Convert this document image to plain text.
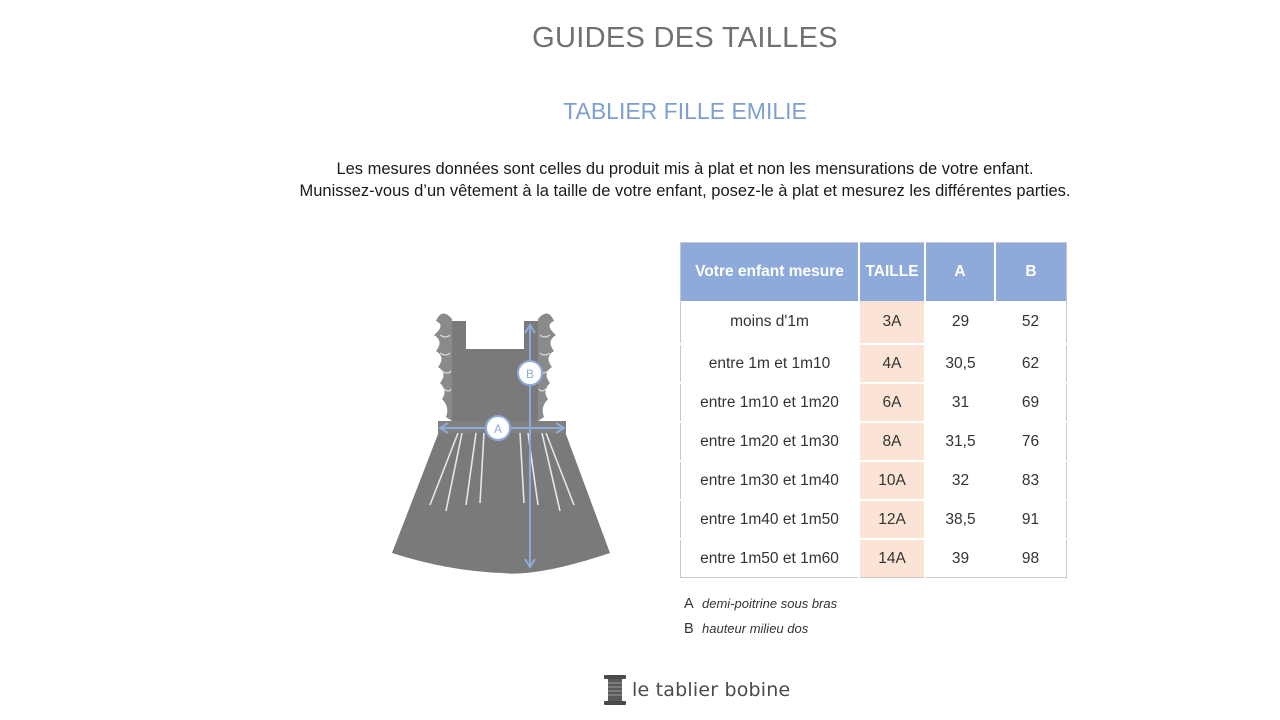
GUIDES DES TAILLES
TABLIER FILLE EMILIE
Les mesures données sont celles du produit mis à plat et non les mensurations de votre enfant.
Munissez-vous d’un vêtement à la taille de votre enfant, posez-le à plat et mesurez les différentes parties.
A
B
Votre enfant mesure	TAILLE	A	B
moins d'1m	3A	29	52
entre 1m et 1m10	4A	30,5	62
entre 1m10 et 1m20	6A	31	69
entre 1m20 et 1m30	8A	31,5	76
entre 1m30 et 1m40	10A	32	83
entre 1m40 et 1m50	12A	38,5	91
entre 1m50 et 1m60	14A	39	98
A demi-poitrine sous bras
B hauteur milieu dos
le tablier bobine
